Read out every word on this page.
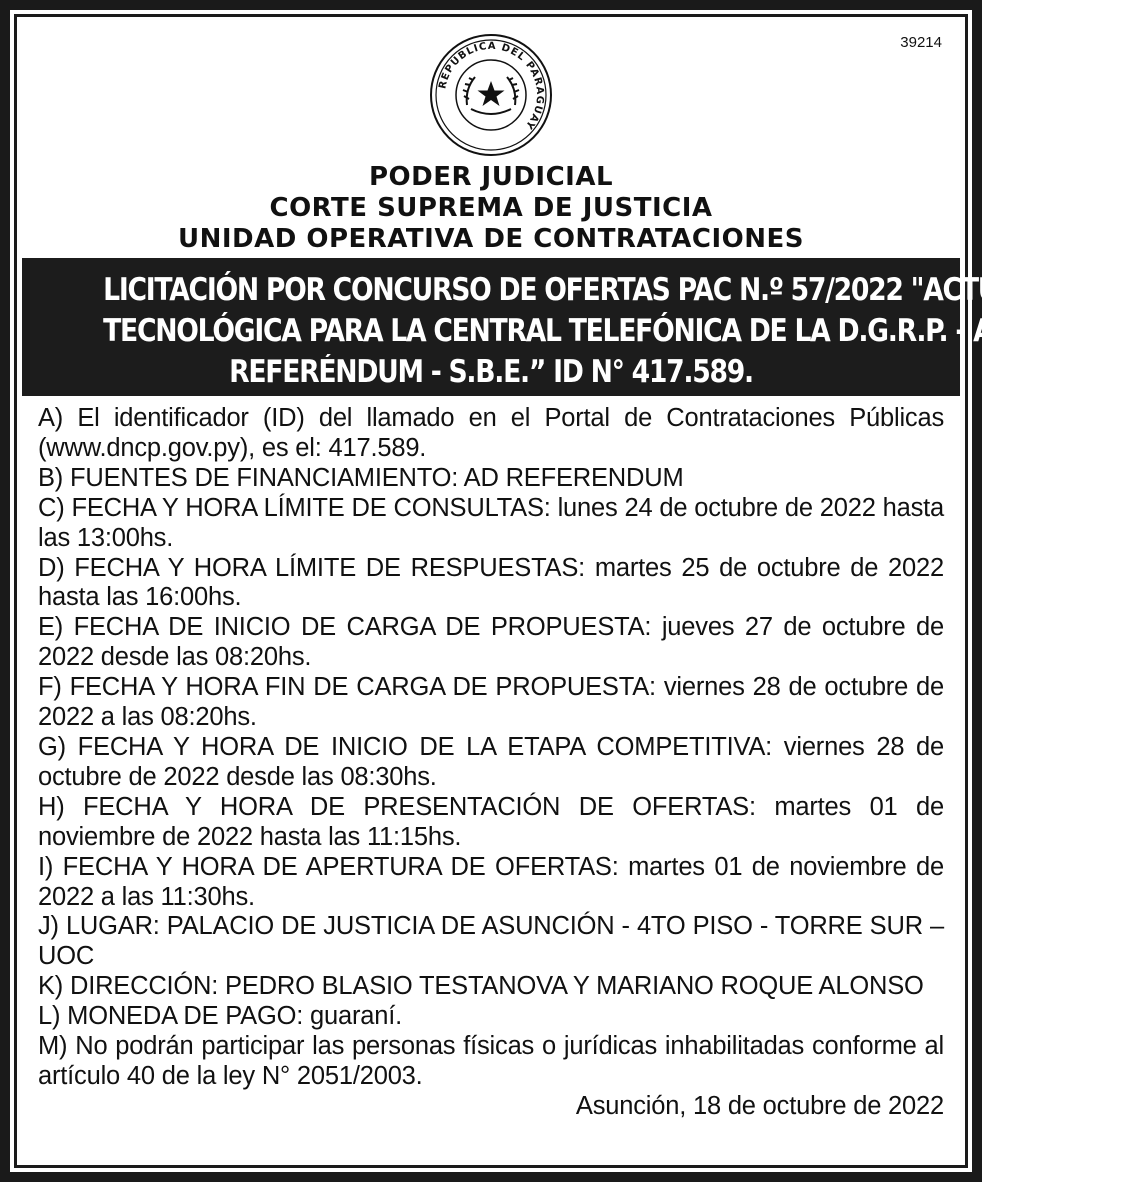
39214
REPUBLICA DEL PARAGUAY
PODER JUDICIAL
CORTE SUPREMA DE JUSTICIA
UNIDAD OPERATIVA DE CONTRATACIONES
LICITACIÓN POR CONCURSO DE OFERTAS PAC N.º 57/2022 "ACTUALIZACIÓN
TECNOLÓGICA PARA LA CENTRAL TELEFÓNICA DE LA D.G.R.P. - AD
REFERÉNDUM - S.B.E.” ID N° 417.589.

A) El identificador (ID) del llamado en el Portal de Contrataciones Públicas (www.dncp.gov.py), es el: 417.589.

B) FUENTES DE FINANCIAMIENTO: AD REFERENDUM

C) FECHA Y HORA LÍMITE DE CONSULTAS: lunes 24 de octubre de 2022 hasta las 13:00hs.

D) FECHA Y HORA LÍMITE DE RESPUESTAS: martes 25 de octubre de 2022 hasta las 16:00hs.

E) FECHA DE INICIO DE CARGA DE PROPUESTA: jueves 27 de octubre de 2022 desde las 08:20hs.

F) FECHA Y HORA FIN DE CARGA DE PROPUESTA: viernes 28 de octubre de 2022 a las 08:20hs.

G) FECHA Y HORA DE INICIO DE LA ETAPA COMPETITIVA: viernes 28 de octubre de 2022 desde las 08:30hs.

H) FECHA Y HORA DE PRESENTACIÓN DE OFERTAS: martes 01 de noviembre de 2022 hasta las 11:15hs.

I) FECHA Y HORA DE APERTURA DE OFERTAS: martes 01 de noviembre de 2022 a las 11:30hs.

J) LUGAR: PALACIO DE JUSTICIA DE ASUNCIÓN - 4TO PISO - TORRE SUR – UOC

K) DIRECCIÓN: PEDRO BLASIO TESTANOVA Y MARIANO ROQUE ALONSO

L) MONEDA DE PAGO: guaraní.

M) No podrán participar las personas físicas o jurídicas inhabilitadas conforme al artículo 40 de la ley N° 2051/2003.

Asunción, 18 de octubre de 2022
